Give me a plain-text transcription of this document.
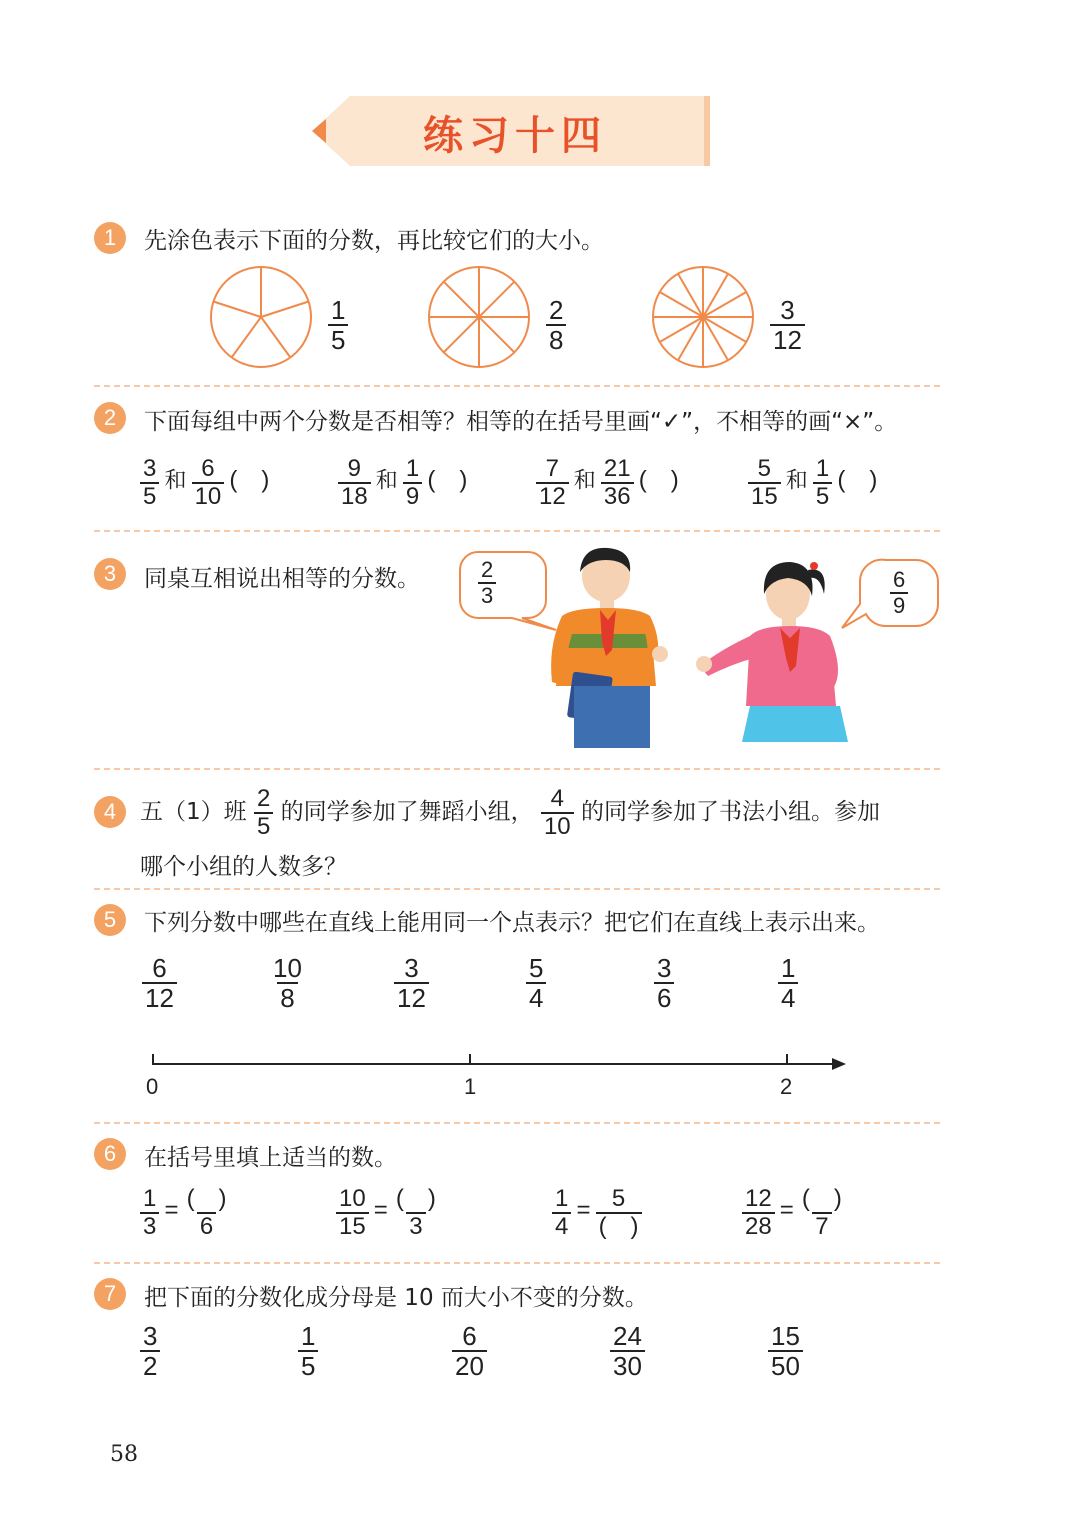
练习十四
1	先涂色表示下面的分数，再比较它们的大小。
$\frac{1}{5}$	$\frac{2}{8}$	$\frac{3}{12}$
2	下面每组中两个分数是否相等？相等的在括号里画“✓”，不相等的画“×”。
$\frac{3}{5}$ 和 $\frac{6}{10}$ (　)	$\frac{9}{18}$ 和 $\frac{1}{9}$ (　)	$\frac{7}{12}$ 和 $\frac{21}{36}$ (　)	$\frac{5}{15}$ 和 $\frac{1}{5}$ (　)
3	同桌互相说出相等的分数。	$\frac{2}{3}$	$\frac{6}{9}$
4	五（1）班 $\frac{2}{5}$ 的同学参加了舞蹈小组， $\frac{4}{10}$ 的同学参加了书法小组。参加
哪个小组的人数多？
5	下列分数中哪些在直线上能用同一个点表示？把它们在直线上表示出来。
$\frac{6}{12}$	$\frac{10}{8}$	$\frac{3}{12}$	$\frac{5}{4}$	$\frac{3}{6}$	$\frac{1}{4}$
0	1	2
6	在括号里填上适当的数。
$\frac{1}{3} = \frac{( )}{6}$	$\frac{10}{15} = \frac{( )}{3}$	$\frac{1}{4} = \frac{5}{( )}$	$\frac{12}{28} = \frac{( )}{7}$
7	把下面的分数化成分母是 10 而大小不变的分数。
$\frac{3}{2}$	$\frac{1}{5}$	$\frac{6}{20}$	$\frac{24}{30}$	$\frac{15}{50}$
58
